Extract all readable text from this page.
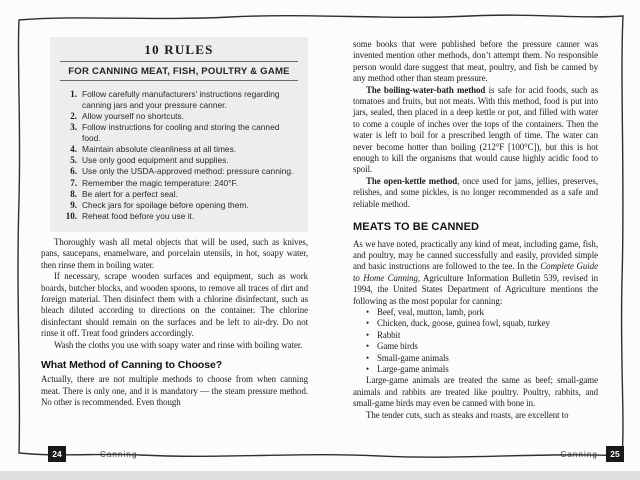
10 RULES
FOR CANNING MEAT, FISH, POULTRY & GAME
1. Follow carefully manufacturers’ instructions regarding canning jars and your pressure canner.
2. Allow yourself no shortcuts.
3. Follow instructions for cooling and storing the canned food.
4. Maintain absolute cleanliness at all times.
5. Use only good equipment and supplies.
6. Use only the USDA-approved method: pressure canning.
7. Remember the magic temperature: 240°F.
8. Be alert for a perfect seal.
9. Check jars for spoilage before opening them.
10. Reheat food before you use it.

Thoroughly wash all metal objects that will be used, such as knives, pans, saucepans, enamelware, and porcelain utensils, in hot, soapy water, then rinse them in boiling water.

If necessary, scrape wooden surfaces and equipment, such as work boards, butcher blocks, and wooden spoons, to remove all traces of dirt and foreign material. Then disinfect them with a chlorine disinfectant, such as bleach diluted according to directions on the container. The chlorine disinfectant should remain on the surfaces and be left to air-dry. Do not rinse it off. Treat food grinders accordingly.

Wash the cloths you use with soapy water and rinse with boiling water.

What Method of Canning to Choose?

Actually, there are not multiple methods to choose from when canning meat. There is only one, and it is mandatory — the steam pressure method. No other is recommended. Even though

24	Canning

some books that were published before the pressure canner was invented mention other methods, don’t attempt them. No responsible person would dare suggest that meat, poultry, and fish be canned by any method other than steam pressure.

The boiling-water-bath method is safe for acid foods, such as tomatoes and fruits, but not meats. With this method, food is put into jars, sealed, then placed in a deep kettle or pot, and filled with water to come a couple of inches over the tops of the containers. Then the water is left to boil for a prescribed length of time. The water can never become hotter than boiling (212°F [100°C]), but this is hot enough to kill the organisms that would cause highly acidic food to spoil.

The open-kettle method, once used for jams, jellies, preserves, relishes, and some pickles, is no longer recommended as a safe and reliable method.

MEATS TO BE CANNED

As we have noted, practically any kind of meat, including game, fish, and poultry, may be canned successfully and easily, provided simple and basic instructions are followed to the tee. In the Complete Guide to Home Canning, Agriculture Information Bulletin 539, revised in 1994, the United States Department of Agriculture mentions the following as the most popular for canning:

•
Beef, veal, mutton, lamb, pork
•
Chicken, duck, goose, guinea fowl, squab, turkey
•
Rabbit
•
Game birds
•
Small-game animals
•
Large-game animals

Large-game animals are treated the same as beef; small-game animals and rabbits are treated like poultry. Poultry, rabbits, and small-game birds may even be canned with bone in.

The tender cuts, such as steaks and roasts, are excellent to

Canning	25
